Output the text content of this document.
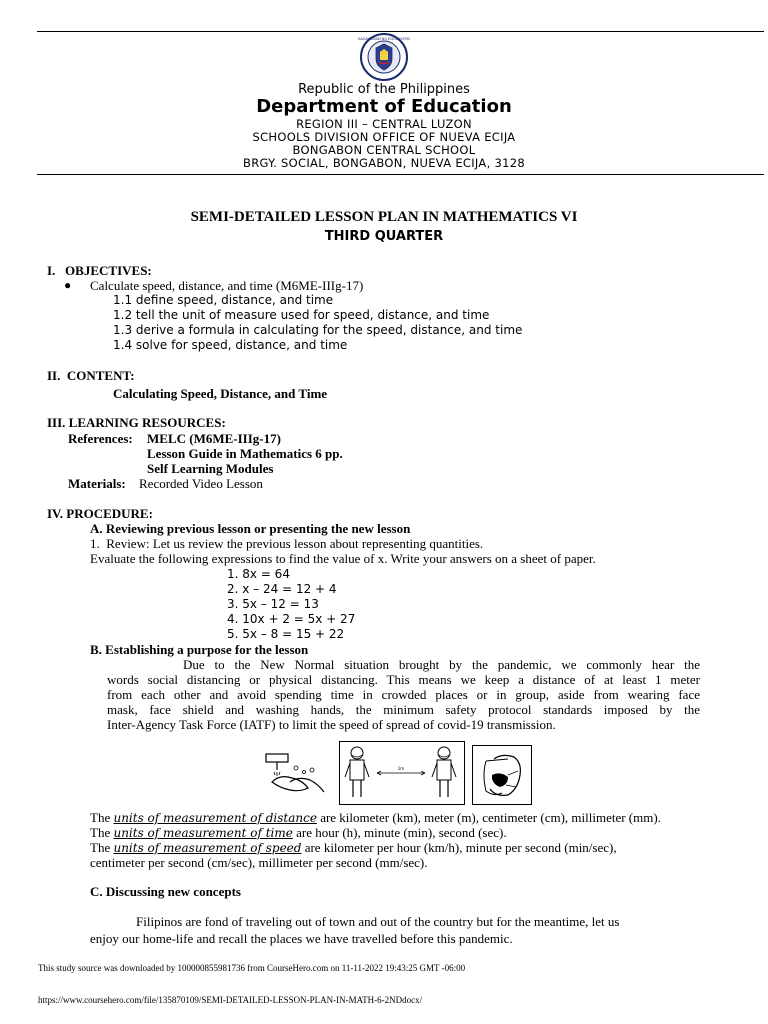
KAGAWARAN NG EDUKASYON
Republic of the Philippines
Department of Education
REGION III – CENTRAL LUZON
SCHOOLS DIVISION OFFICE OF NUEVA ECIJA
BONGABON CENTRAL SCHOOL
BRGY. SOCIAL, BONGABON, NUEVA ECIJA, 3128
SEMI-DETAILED LESSON PLAN IN MATHEMATICS VI
THIRD QUARTER
I.   OBJECTIVES:
● Calculate speed, distance, and time (M6ME-IIIg-17)
1.1 define speed, distance, and time
1.2 tell the unit of measure used for speed, distance, and time
1.3 derive a formula in calculating for the speed, distance, and time
1.4 solve for speed, distance, and time
II.  CONTENT:
Calculating Speed, Distance, and Time
III. LEARNING RESOURCES:
References: MELC (M6ME-IIIg-17)
Lesson Guide in Mathematics 6 pp.
Self Learning Modules
Materials: Recorded Video Lesson
IV. PROCEDURE:
A. Reviewing previous lesson or presenting the new lesson
1.  Review: Let us review the previous lesson about representing quantities.
Evaluate the following expressions to find the value of x. Write your answers on a sheet of paper.
1. 8x = 64
2. x – 24 = 12 + 4
3. 5x – 12 = 13
4. 10x + 2 = 5x + 27
5. 5x – 8 = 15 + 22
B. Establishing a purpose for the lesson
Due to the New Normal situation brought by the pandemic, we commonly hear the
words social distancing or physical distancing. This means we keep a distance of at least 1 meter
from each other and avoid spending time in crowded places or in group, aside from wearing face
mask, face shield and washing hands, the minimum safety protocol standards imposed by the
Inter-Agency Task Force (IATF) to limit the speed of spread of covid-19 transmission.
1m
The units of measurement of distance are kilometer (km), meter (m), centimeter (cm), millimeter (mm).
The units of measurement of time are hour (h), minute (min), second (sec).
The units of measurement of speed are kilometer per hour (km/h), minute per second (min/sec),
centimeter per second (cm/sec), millimeter per second (mm/sec).
C. Discussing new concepts
Filipinos are fond of traveling out of town and out of the country but for the meantime, let us
enjoy our home-life and recall the places we have travelled before this pandemic.
This study source was downloaded by 100000855981736 from CourseHero.com on 11-11-2022 19:43:25 GMT -06:00
https://www.coursehero.com/file/135870109/SEMI-DETAILED-LESSON-PLAN-IN-MATH-6-2NDdocx/
